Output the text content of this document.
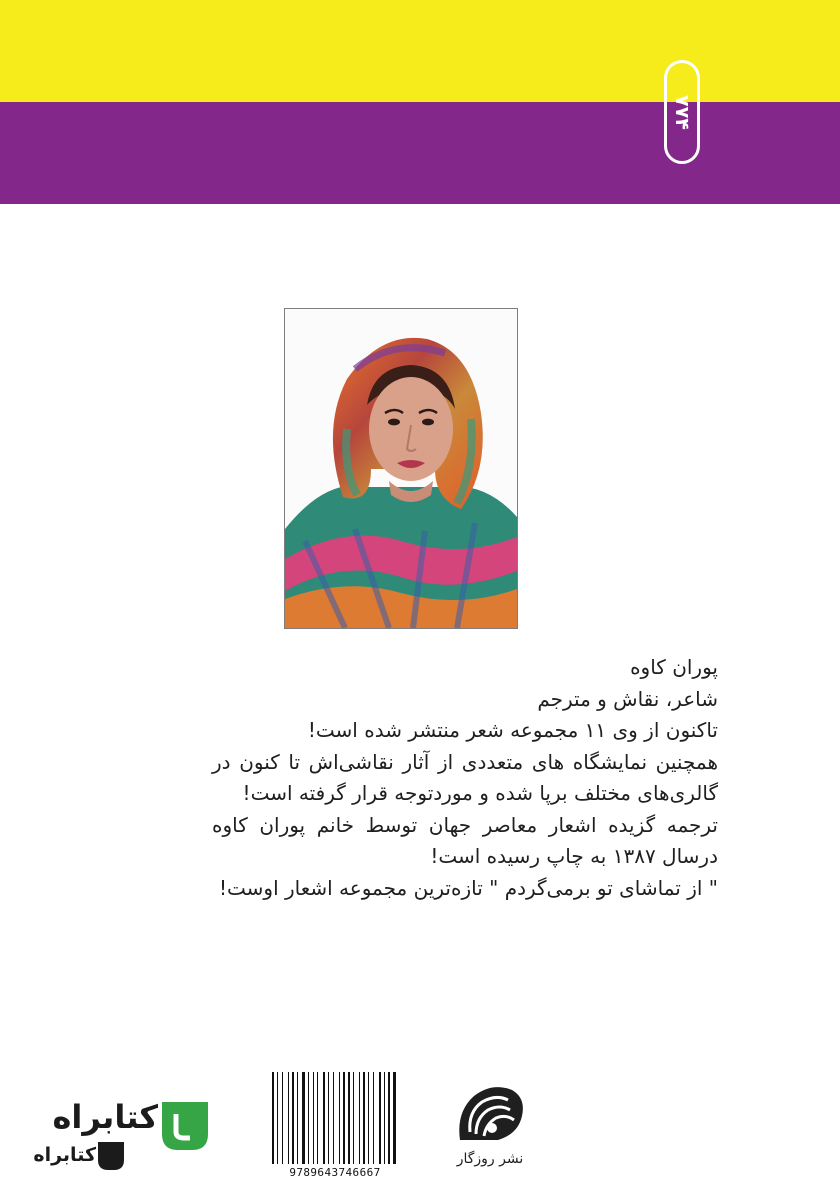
۷۷۴

پوران کاوه

شاعر، نقاش و مترجم

تاکنون از وی ۱۱ مجموعه شعر منتشر شده است!

همچنین نمایشگاه های متعددی از آثار نقاشی‌اش تا کنون در گالری‌های مختلف برپا شده و موردتوجه قرار گرفته است!

ترجمه گزیده اشعار معاصر جهان توسط خانم پوران کاوه درسال ۱۳۸۷ به چاپ رسیده است!

" از تماشای تو برمی‌گردم " تازه‌ترین مجموعه اشعار اوست!

9789643746667
نشر روزگار
کتابراه
کتابراه
